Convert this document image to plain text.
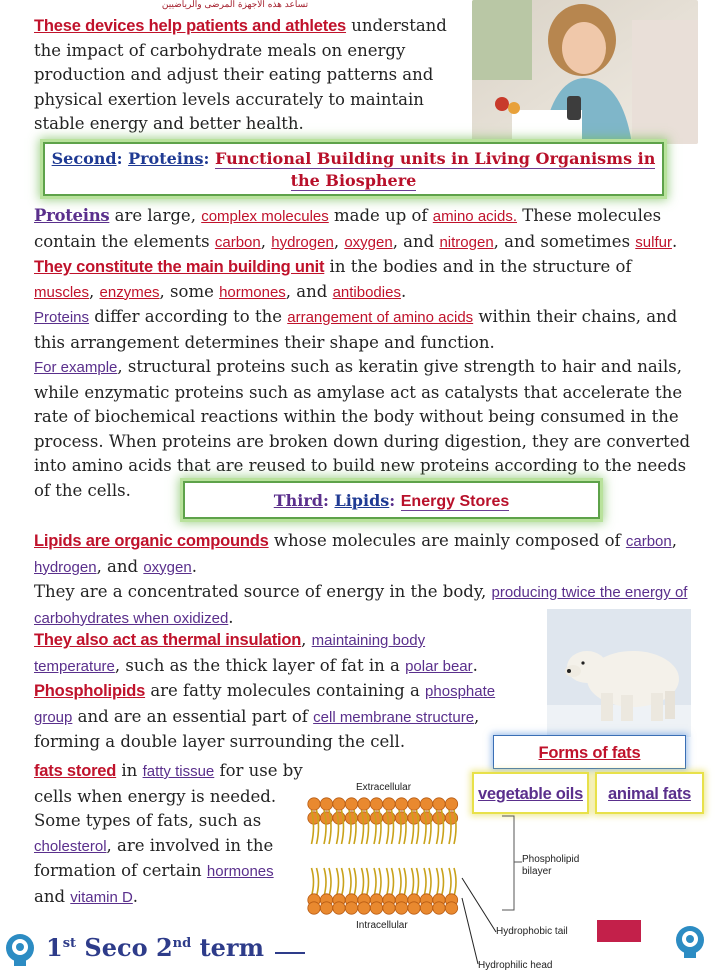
تساعد هذه الأجهزة المرضى والرياضيين

These devices help patients and athletes understand the impact of carbohydrate meals on energy production and adjust their eating patterns and physical exertion levels accurately to maintain stable energy and better health.

Second: Proteins: Functional Building units in Living Organisms in the Biosphere

Proteins are large, complex molecules made up of amino acids. These molecules contain the elements carbon, hydrogen, oxygen, and nitrogen, and sometimes sulfur. They constitute the main building unit in the bodies and in the structure of muscles, enzymes, some hormones, and antibodies.

Proteins differ according to the arrangement of amino acids within their chains, and this arrangement determines their shape and function.

For example, structural proteins such as keratin give strength to hair and nails, while enzymatic proteins such as amylase act as catalysts that accelerate the rate of biochemical reactions within the body without being consumed in the process. When proteins are broken down during digestion, they are converted into amino acids that are reused to build new proteins according to the needs of the cells.

Third: Lipids: Energy Stores

Lipids are organic compounds whose molecules are mainly composed of carbon, hydrogen, and oxygen.

They are a concentrated source of energy in the body, producing twice the energy of carbohydrates when oxidized.

They also act as thermal insulation, maintaining body temperature, such as the thick layer of fat in a polar bear.

Phospholipids are fatty molecules containing a phosphate group and are an essential part of cell membrane structure, forming a double layer surrounding the cell.

fats stored in fatty tissue for use by cells when energy is needed.

Some types of fats, such as cholesterol, are involved in the formation of certain hormones and vitamin D.

Forms of fats
vegetable oils	animal fats
Extracellular
Intracellular
Phospholipid bilayer
Hydrophobic tail
Hydrophilic head
1st Seco 2nd term
